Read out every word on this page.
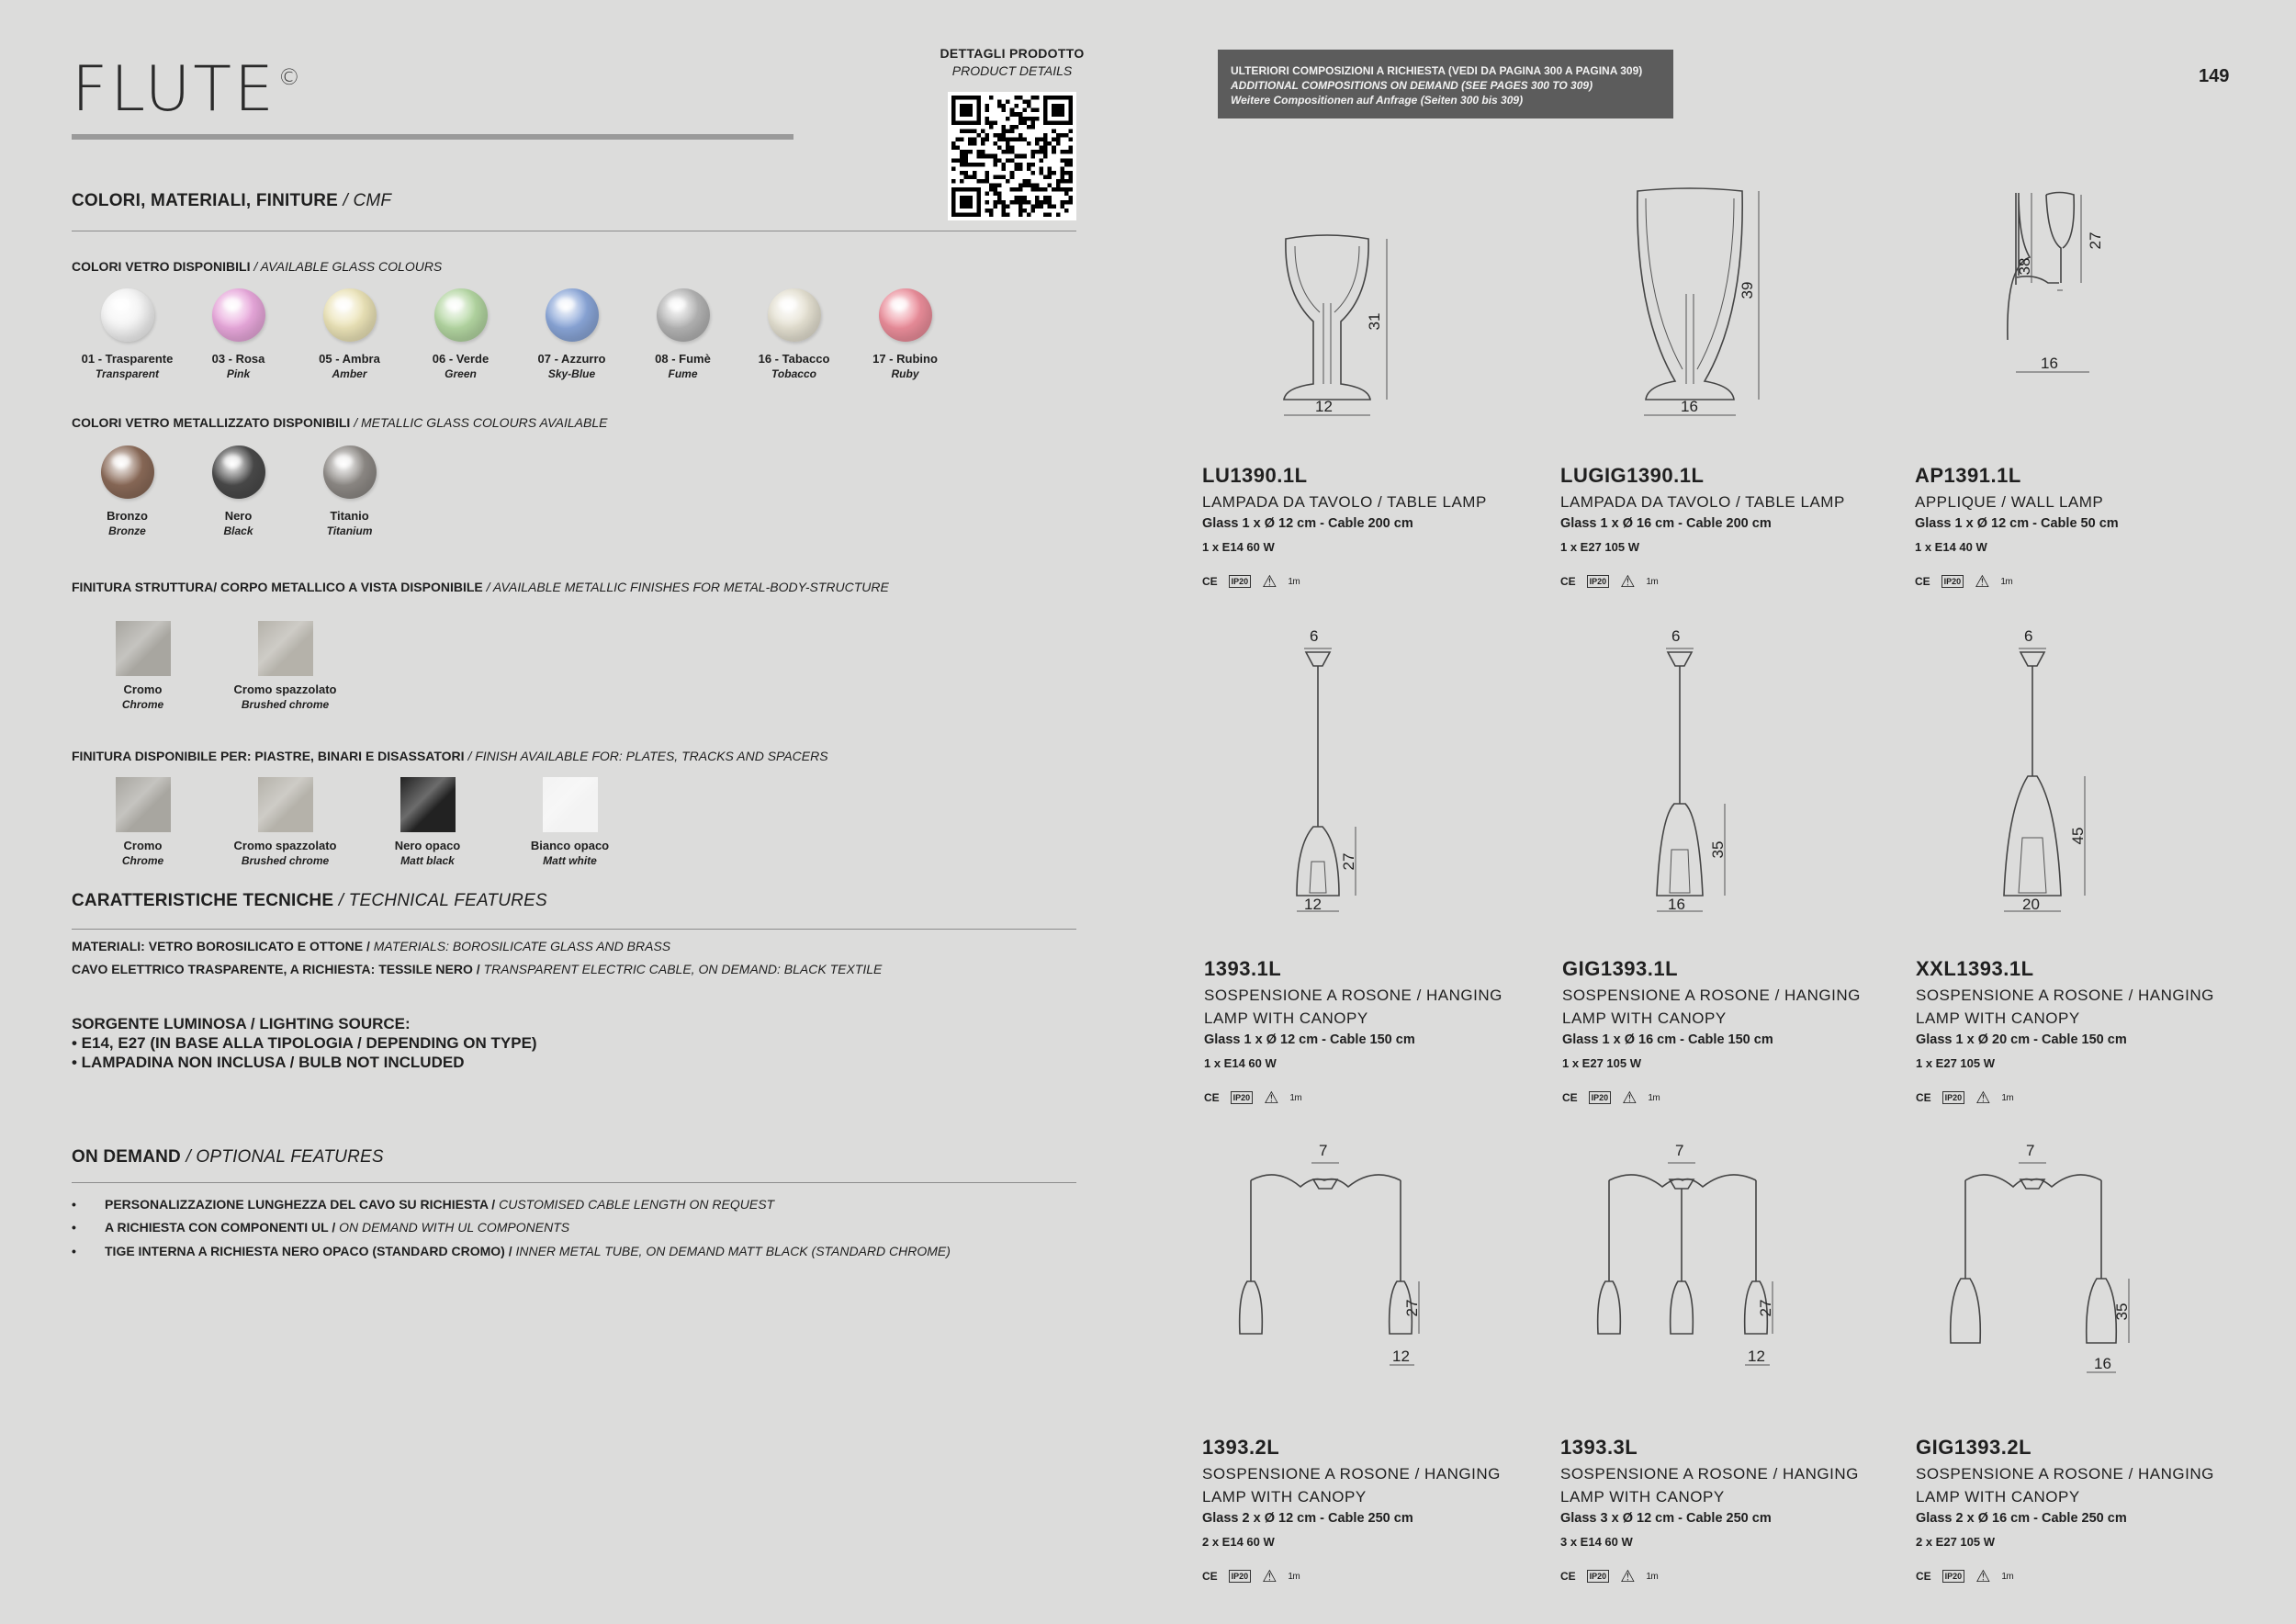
FLUTE©
DETTAGLI PRODOTTO
PRODUCT DETAILS
COLORI, MATERIALI, FINITURE / CMF
COLORI VETRO DISPONIBILI / AVAILABLE GLASS COLOURS
01 - Trasparente
Transparent
03 - Rosa
Pink
05 - Ambra
Amber
06 - Verde
Green
07 - Azzurro
Sky-Blue
08 - Fumè
Fume
16 - Tabacco
Tobacco
17 - Rubino
Ruby
COLORI VETRO METALLIZZATO DISPONIBILI / METALLIC GLASS COLOURS AVAILABLE
Bronzo
Bronze
Nero
Black
Titanio
Titanium
FINITURA STRUTTURA/ CORPO METALLICO A VISTA DISPONIBILE / AVAILABLE METALLIC FINISHES FOR METAL-BODY-STRUCTURE
Cromo
Chrome
Cromo spazzolato
Brushed chrome
FINITURA DISPONIBILE PER: PIASTRE, BINARI E DISASSATORI / FINISH AVAILABLE FOR: PLATES, TRACKS AND SPACERS
Cromo
Chrome
Cromo spazzolato
Brushed chrome
Nero opaco
Matt black
Bianco opaco
Matt white
CARATTERISTICHE TECNICHE / TECHNICAL FEATURES
MATERIALI: VETRO BOROSILICATO E OTTONE / MATERIALS: BOROSILICATE GLASS AND BRASS
CAVO ELETTRICO TRASPARENTE, A RICHIESTA: TESSILE NERO / TRANSPARENT ELECTRIC CABLE, ON DEMAND: BLACK TEXTILE
SORGENTE LUMINOSA / LIGHTING SOURCE:
• E14, E27 (IN BASE ALLA TIPOLOGIA / DEPENDING ON TYPE)
• LAMPADINA NON INCLUSA / BULB NOT INCLUDED
ON DEMAND / OPTIONAL FEATURES
•	PERSONALIZZAZIONE LUNGHEZZA DEL CAVO SU RICHIESTA / CUSTOMISED CABLE LENGTH ON REQUEST
•	A RICHIESTA CON COMPONENTI UL / ON DEMAND WITH UL COMPONENTS
•	TIGE INTERNA A RICHIESTA NERO OPACO (STANDARD CROMO) / INNER METAL TUBE, ON DEMAND MATT BLACK (STANDARD CHROME)
ULTERIORI COMPOSIZIONI A RICHIESTA (VEDI DA PAGINA 300 A PAGINA 309)
ADDITIONAL COMPOSITIONS ON DEMAND (SEE PAGES 300 TO 309)
Weitere Compositionen auf Anfrage (Seiten 300 bis 309)
149
31
12
39
16
38
27
16
6
27
12
6
35
16
6
45
20
7
27
12
7
27
12
7
35
16
LU1390.1L
LAMPADA DA TAVOLO / TABLE LAMP
Glass 1 x Ø 12 cm - Cable 200 cm
1 x E14 60 W
CE	IP20 ⚠ 1m
LUGIG1390.1L
LAMPADA DA TAVOLO / TABLE LAMP
Glass 1 x Ø 16 cm - Cable 200 cm
1 x E27 105 W
CE	IP20 ⚠ 1m
AP1391.1L
APPLIQUE / WALL LAMP
Glass 1 x Ø 12 cm - Cable 50 cm
1 x E14 40 W
CE	IP20 ⚠ 1m
1393.1L
SOSPENSIONE A ROSONE / HANGING LAMP WITH CANOPY
Glass 1 x Ø 12 cm - Cable 150 cm
1 x E14 60 W
CE	IP20 ⚠ 1m
GIG1393.1L
SOSPENSIONE A ROSONE / HANGING LAMP WITH CANOPY
Glass 1 x Ø 16 cm - Cable 150 cm
1 x E27 105 W
CE	IP20 ⚠ 1m
XXL1393.1L
SOSPENSIONE A ROSONE / HANGING LAMP WITH CANOPY
Glass 1 x Ø 20 cm - Cable 150 cm
1 x E27 105 W
CE	IP20 ⚠ 1m
1393.2L
SOSPENSIONE A ROSONE / HANGING LAMP WITH CANOPY
Glass 2 x Ø 12 cm - Cable 250 cm
2 x E14 60 W
CE	IP20 ⚠ 1m
1393.3L
SOSPENSIONE A ROSONE / HANGING LAMP WITH CANOPY
Glass 3 x Ø 12 cm - Cable 250 cm
3 x E14 60 W
CE	IP20 ⚠ 1m
GIG1393.2L
SOSPENSIONE A ROSONE / HANGING LAMP WITH CANOPY
Glass 2 x Ø 16 cm - Cable 250 cm
2 x E27 105 W
CE	IP20 ⚠ 1m
